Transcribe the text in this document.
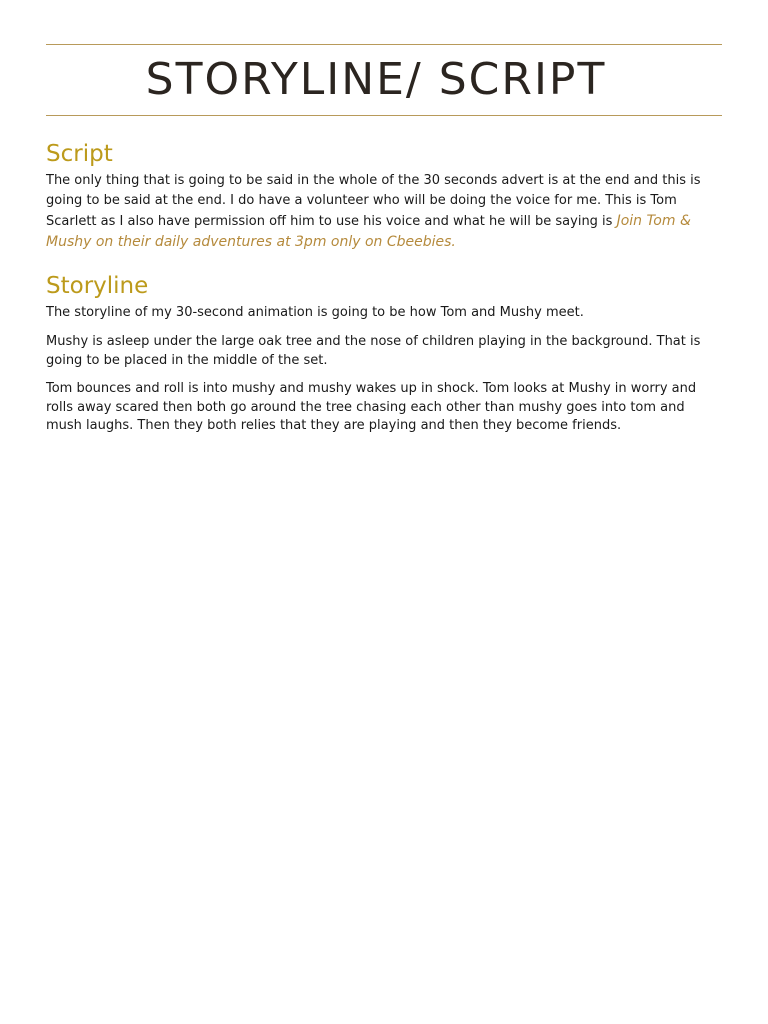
STORYLINE/ SCRIPT
Script

The only thing that is going to be said in the whole of the 30 seconds advert is at the end and this is going to be said at the end. I do have a volunteer who will be doing the voice for me. This is Tom Scarlett as I also have permission off him to use his voice and what he will be saying is Join Tom & Mushy on their daily adventures at 3pm only on Cbeebies.

Storyline

The storyline of my 30-second animation is going to be how Tom and Mushy meet.

Mushy is asleep under the large oak tree and the nose of children playing in the background. That is going to be placed in the middle of the set.

Tom bounces and roll is into mushy and mushy wakes up in shock. Tom looks at Mushy in worry and rolls away scared then both go around the tree chasing each other than mushy goes into tom and mush laughs. Then they both relies that they are playing and then they become friends.
